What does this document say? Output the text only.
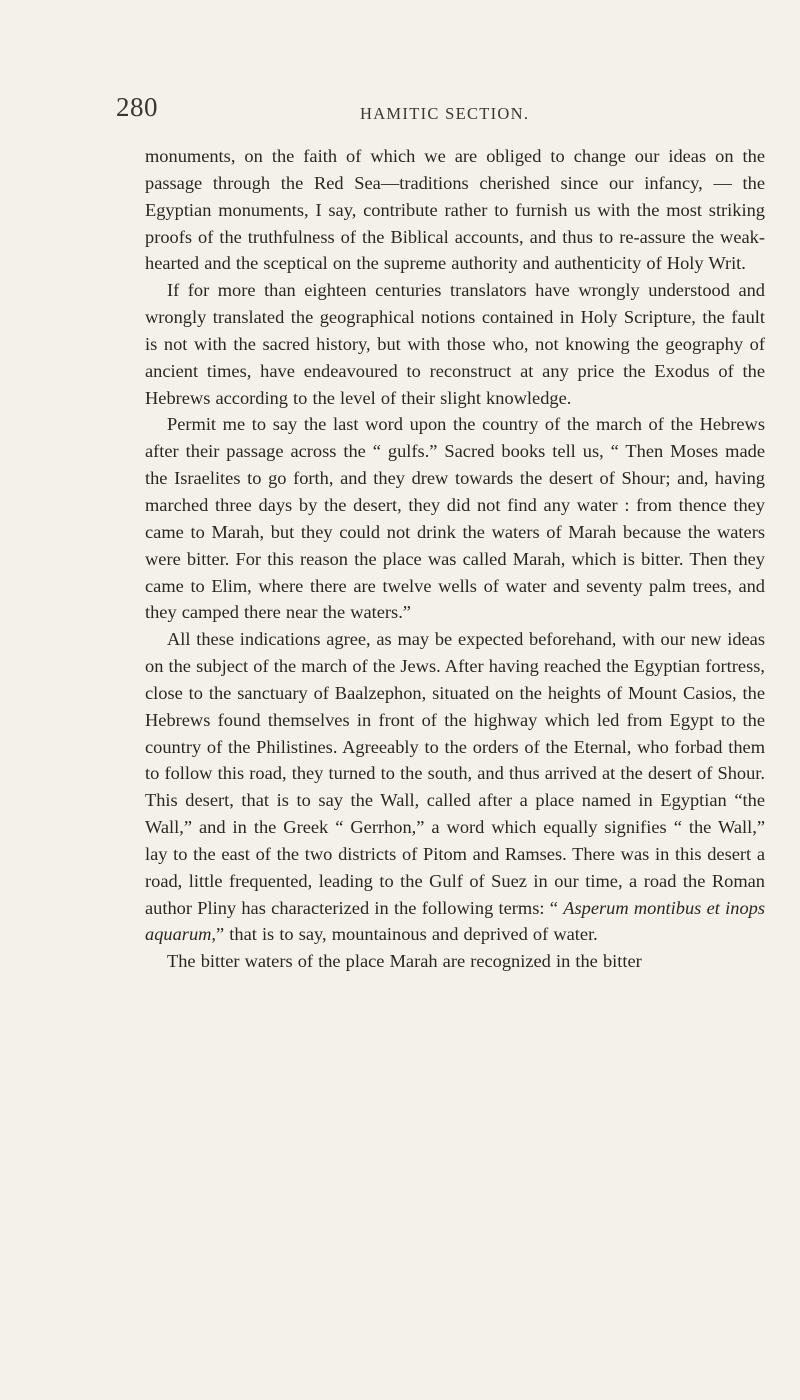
280	HAMITIC SECTION.

monuments, on the faith of which we are obliged to change our ideas on the passage through the Red Sea—traditions cherished since our infancy, — the Egyptian monuments, I say, contribute rather to furnish us with the most striking proofs of the truthfulness of the Biblical accounts, and thus to re-assure the weak-hearted and the sceptical on the supreme authority and authenticity of Holy Writ.

If for more than eighteen centuries translators have wrongly understood and wrongly translated the geographical notions contained in Holy Scripture, the fault is not with the sacred history, but with those who, not knowing the geography of ancient times, have endeavoured to reconstruct at any price the Exodus of the Hebrews according to the level of their slight knowledge.

Permit me to say the last word upon the country of the march of the Hebrews after their passage across the “ gulfs.” Sacred books tell us, “ Then Moses made the Israelites to go forth, and they drew towards the desert of Shour; and, having marched three days by the desert, they did not find any water : from thence they came to Marah, but they could not drink the waters of Marah because the waters were bitter. For this reason the place was called Marah, which is bitter. Then they came to Elim, where there are twelve wells of water and seventy palm trees, and they camped there near the waters.”

All these indications agree, as may be expected beforehand, with our new ideas on the subject of the march of the Jews. After having reached the Egyptian fortress, close to the sanctuary of Baalzephon, situated on the heights of Mount Casios, the Hebrews found themselves in front of the highway which led from Egypt to the country of the Philistines. Agreeably to the orders of the Eternal, who forbad them to follow this road, they turned to the south, and thus arrived at the desert of Shour. This desert, that is to say the Wall, called after a place named in Egyptian “the Wall,” and in the Greek “ Gerrhon,” a word which equally signifies “ the Wall,” lay to the east of the two districts of Pitom and Ramses. There was in this desert a road, little frequented, leading to the Gulf of Suez in our time, a road the Roman author Pliny has characterized in the following terms: “ Asperum montibus et inops aquarum,” that is to say, mountainous and deprived of water.

The bitter waters of the place Marah are recognized in the bitter
